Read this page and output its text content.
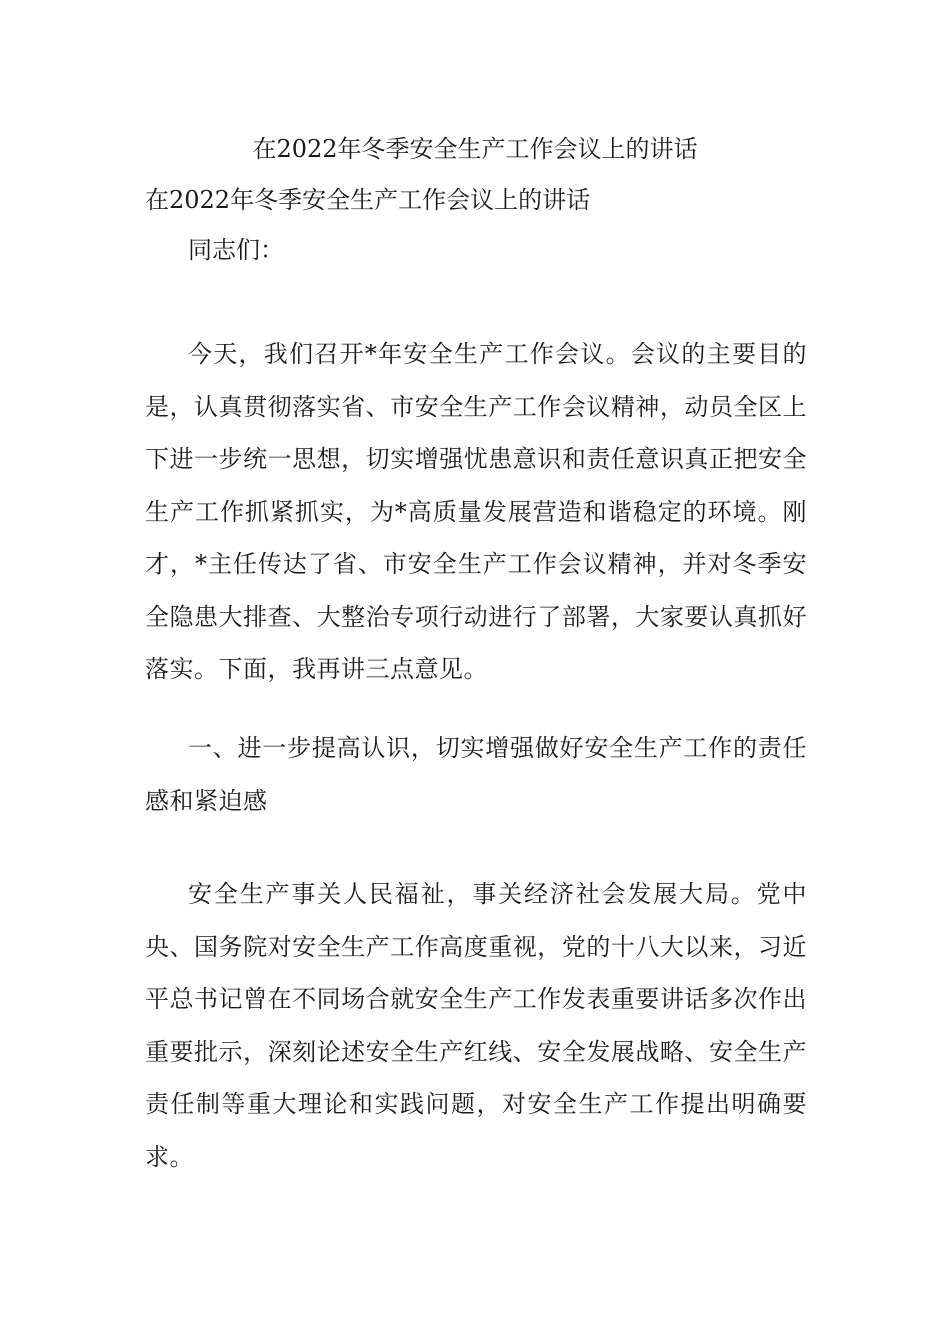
在2022年冬季安全生产工作会议上的讲话
在2022年冬季安全生产工作会议上的讲话
同志们：

今天，我们召开*年安全生产工作会议。会议的主要目的是，认真贯彻落实省、市安全生产工作会议精神，动员全区上下进一步统一思想，切实增强忧患意识和责任意识真正把安全生产工作抓紧抓实，为*高质量发展营造和谐稳定的环境。刚才，*主任传达了省、市安全生产工作会议精神，并对冬季安全隐患大排查、大整治专项行动进行了部署，大家要认真抓好落实。下面，我再讲三点意见。

一、进一步提高认识，切实增强做好安全生产工作的责任感和紧迫感

安全生产事关人民福祉，事关经济社会发展大局。党中央、国务院对安全生产工作高度重视，党的十八大以来，习近平总书记曾在不同场合就安全生产工作发表重要讲话多次作出重要批示，深刻论述安全生产红线、安全发展战略、安全生产责任制等重大理论和实践问题，对安全生产工作提出明确要求。
